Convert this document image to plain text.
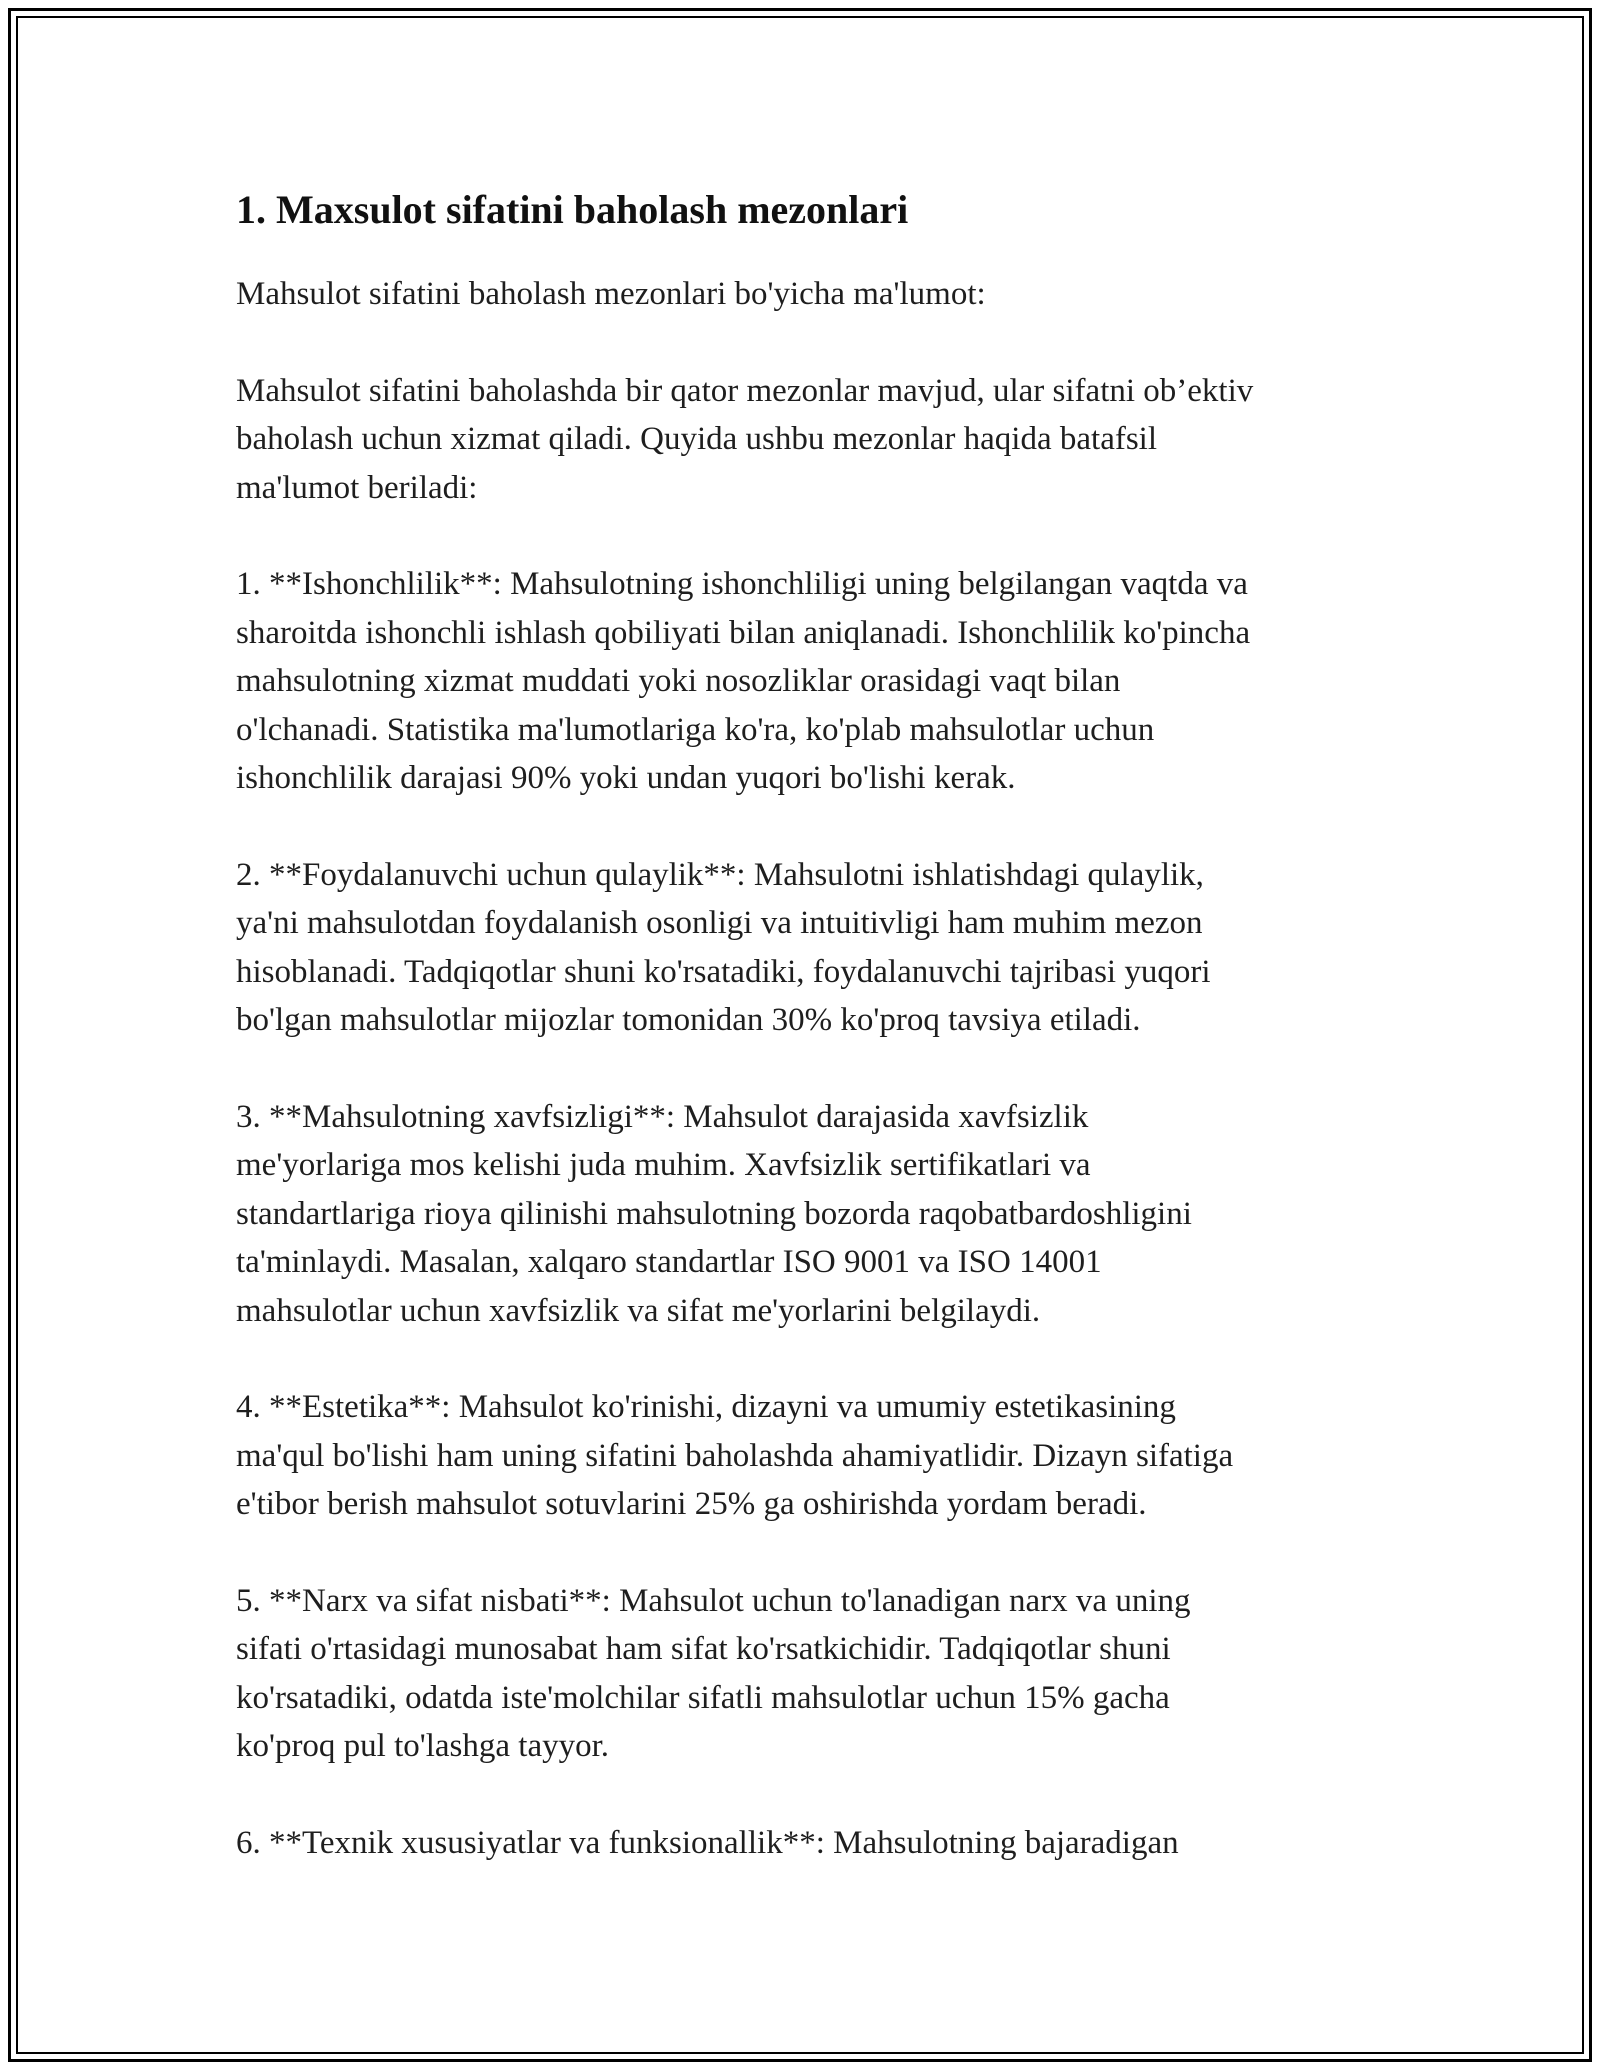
1. Maxsulot sifatini baholash mezonlari

Mahsulot sifatini baholash mezonlari bo'yicha ma'lumot:

Mahsulot sifatini baholashda bir qator mezonlar mavjud, ular sifatni ob’ektiv
baholash uchun xizmat qiladi. Quyida ushbu mezonlar haqida batafsil
ma'lumot beriladi:

1. **Ishonchlilik**: Mahsulotning ishonchliligi uning belgilangan vaqtda va
sharoitda ishonchli ishlash qobiliyati bilan aniqlanadi. Ishonchlilik ko'pincha
mahsulotning xizmat muddati yoki nosozliklar orasidagi vaqt bilan
o'lchanadi. Statistika ma'lumotlariga ko'ra, ko'plab mahsulotlar uchun
ishonchlilik darajasi 90% yoki undan yuqori bo'lishi kerak.

2. **Foydalanuvchi uchun qulaylik**: Mahsulotni ishlatishdagi qulaylik,
ya'ni mahsulotdan foydalanish osonligi va intuitivligi ham muhim mezon
hisoblanadi. Tadqiqotlar shuni ko'rsatadiki, foydalanuvchi tajribasi yuqori
bo'lgan mahsulotlar mijozlar tomonidan 30% ko'proq tavsiya etiladi.

3. **Mahsulotning xavfsizligi**: Mahsulot darajasida xavfsizlik
me'yorlariga mos kelishi juda muhim. Xavfsizlik sertifikatlari va
standartlariga rioya qilinishi mahsulotning bozorda raqobatbardoshligini
ta'minlaydi. Masalan, xalqaro standartlar ISO 9001 va ISO 14001
mahsulotlar uchun xavfsizlik va sifat me'yorlarini belgilaydi.

4. **Estetika**: Mahsulot ko'rinishi, dizayni va umumiy estetikasining
ma'qul bo'lishi ham uning sifatini baholashda ahamiyatlidir. Dizayn sifatiga
e'tibor berish mahsulot sotuvlarini 25% ga oshirishda yordam beradi.

5. **Narx va sifat nisbati**: Mahsulot uchun to'lanadigan narx va uning
sifati o'rtasidagi munosabat ham sifat ko'rsatkichidir. Tadqiqotlar shuni
ko'rsatadiki, odatda iste'molchilar sifatli mahsulotlar uchun 15% gacha
ko'proq pul to'lashga tayyor.

6. **Texnik xususiyatlar va funksionallik**: Mahsulotning bajaradigan
